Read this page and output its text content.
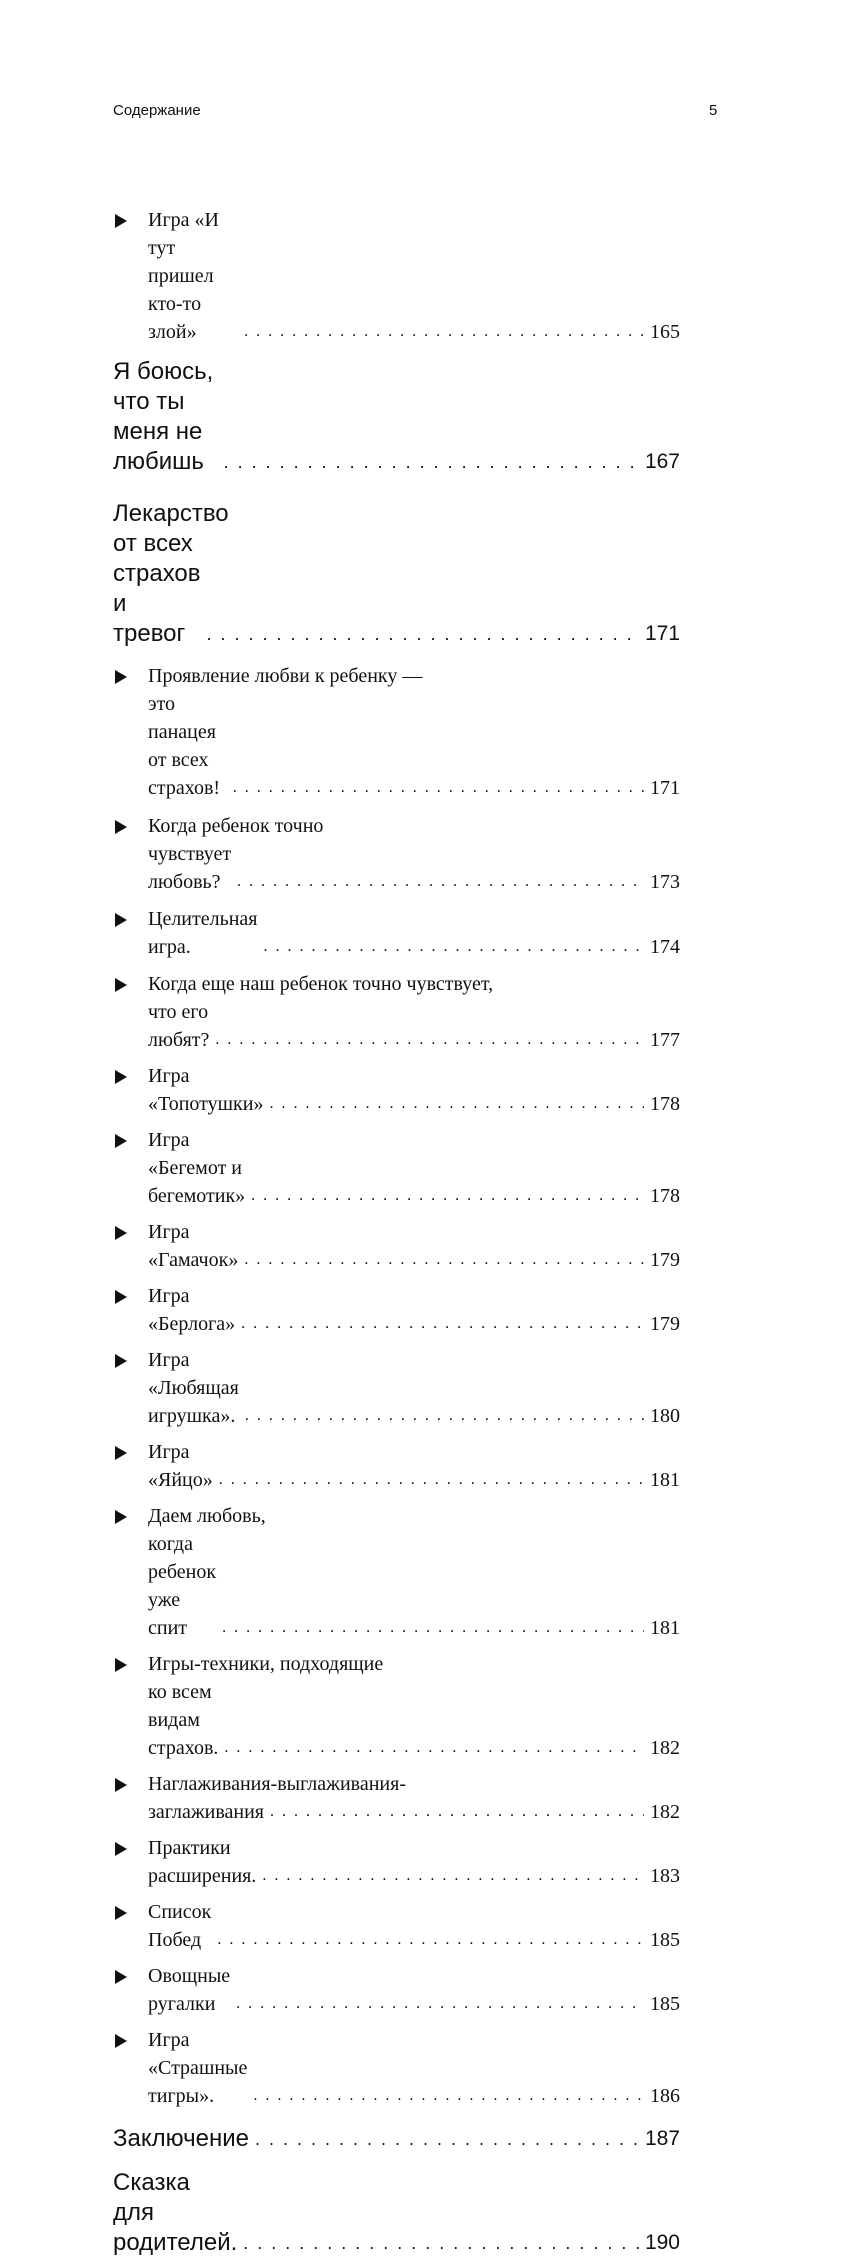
Содержание	5
Игра «И тут пришел кто-то злой» . . .	165
Я боюсь, что ты меня не любишь . . .	167
Лекарство
от всех страхов и тревог . . .	171
Проявление любви к ребенку —
это панацея от всех страхов! . . .	171
Когда ребенок точно
чувствует любовь? . . .	173
Целительная игра. . . .	174
Когда еще наш ребенок точно чувствует,
что его любят? . . .	177
Игра «Топотушки» . . .	178
Игра «Бегемот и бегемотик» . . .	178
Игра «Гамачок» . . .	179
Игра «Берлога» . . .	179
Игра «Любящая игрушка». . . .	180
Игра «Яйцо» . . .	181
Даем любовь,
когда ребенок уже спит . . .	181
Игры-техники, подходящие
ко всем видам страхов. . . .	182
Наглаживания-выглаживания-
заглаживания . . .	182
Практики расширения. . . .	183
Список Побед . . .	185
Овощные ругалки . . .	185
Игра «Страшные тигры». . . .	186
Заключение . . .	187
Сказка для родителей. . . .	190
